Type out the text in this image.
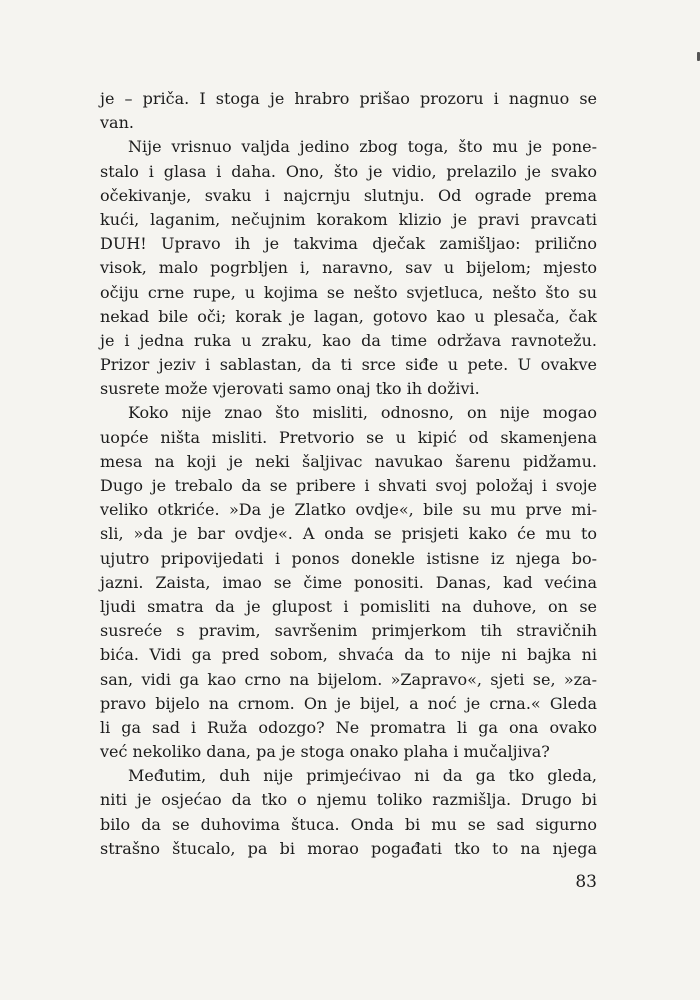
je – priča. I stoga je hrabro prišao prozoru i nagnuo se
van.
Nije vrisnuo valjda jedino zbog toga, što mu je pone-
stalo i glasa i daha. Ono, što je vidio, prelazilo je svako
očekivanje, svaku i najcrnju slutnju. Od ograde prema
kući, laganim, nečujnim korakom klizio je pravi pravcati
DUH! Upravo ih je takvima dječak zamišljao: prilično
visok, malo pogrbljen i, naravno, sav u bijelom; mjesto
očiju crne rupe, u kojima se nešto svjetluca, nešto što su
nekad bile oči; korak je lagan, gotovo kao u plesača, čak
je i jedna ruka u zraku, kao da time održava ravnotežu.
Prizor jeziv i sablastan, da ti srce siđe u pete. U ovakve
susrete može vjerovati samo onaj tko ih doživi.
Koko nije znao što misliti, odnosno, on nije mogao
uopće ništa misliti. Pretvorio se u kipić od skamenjena
mesa na koji je neki šaljivac navukao šarenu pidžamu.
Dugo je trebalo da se pribere i shvati svoj položaj i svoje
veliko otkriće. »Da je Zlatko ovdje«, bile su mu prve mi-
sli, »da je bar ovdje«. A onda se prisjeti kako će mu to
ujutro pripovijedati i ponos donekle istisne iz njega bo-
jazni. Zaista, imao se čime ponositi. Danas, kad većina
ljudi smatra da je glupost i pomisliti na duhove, on se
susreće s pravim, savršenim primjerkom tih stravičnih
bića. Vidi ga pred sobom, shvaća da to nije ni bajka ni
san, vidi ga kao crno na bijelom. »Zapravo«, sjeti se, »za-
pravo bijelo na crnom. On je bijel, a noć je crna.« Gleda
li ga sad i Ruža odozgo? Ne promatra li ga ona ovako
već nekoliko dana, pa je stoga onako plaha i mučaljiva?
Međutim, duh nije primjećivao ni da ga tko gleda,
niti je osjećao da tko o njemu toliko razmišlja. Drugo bi
bilo da se duhovima štuca. Onda bi mu se sad sigurno
strašno štucalo, pa bi morao pogađati tko to na njega
83
